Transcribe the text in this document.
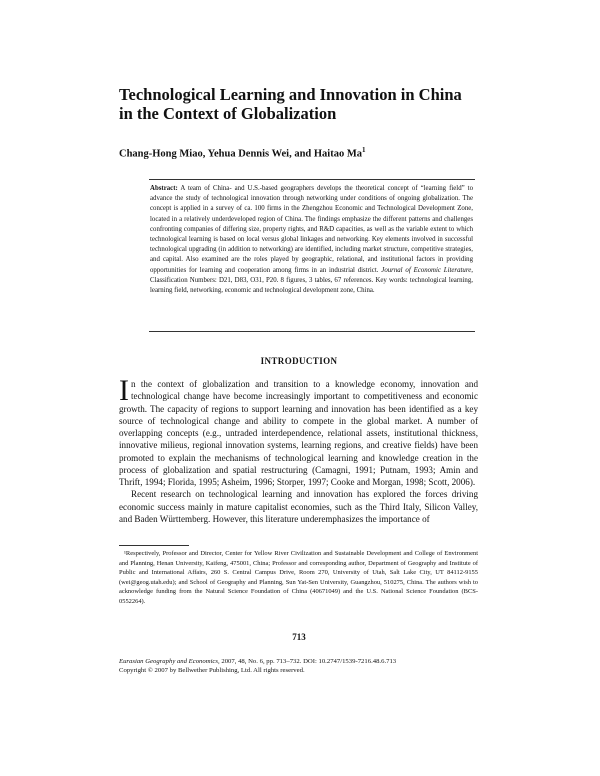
Technological Learning and Innovation in China in the Context of Globalization

Chang-Hong Miao, Yehua Dennis Wei, and Haitao Ma$^1$

Abstract: A team of China- and U.S.-based geographers develops the theoretical concept of “learning field” to advance the study of technological innovation through networking under conditions of ongoing globalization. The concept is applied in a survey of ca. 100 firms in the Zhengzhou Economic and Technological Development Zone, located in a relatively underdeveloped region of China. The findings emphasize the different patterns and challenges confronting companies of differing size, property rights, and R&D capacities, as well as the variable extent to which technological learning is based on local versus global linkages and networking. Key elements involved in successful technological upgrading (in addition to networking) are identified, including market structure, competitive strategies, and capital. Also examined are the roles played by geographic, relational, and institutional factors in providing opportunities for learning and cooperation among firms in an industrial district. Journal of Economic Literature, Classification Numbers: D21, D83, O31, P20. 8 figures, 3 tables, 67 references. Key words: technological learning, learning field, networking, economic and technological development zone, China.

INTRODUCTION

In the context of globalization and transition to a knowledge economy, innovation and technological change have become increasingly important to competitiveness and economic growth. The capacity of regions to support learning and innovation has been identified as a key source of technological change and ability to compete in the global market. A number of overlapping concepts (e.g., untraded interdependence, relational assets, institutional thickness, innovative milieus, regional innovation systems, learning regions, and creative fields) have been promoted to explain the mechanisms of technological learning and knowledge creation in the process of globalization and spatial restructuring (Camagni, 1991; Putnam, 1993; Amin and Thrift, 1994; Florida, 1995; Asheim, 1996; Storper, 1997; Cooke and Morgan, 1998; Scott, 2006).

Recent research on technological learning and innovation has explored the forces driving economic success mainly in mature capitalist economies, such as the Third Italy, Silicon Valley, and Baden Württemberg. However, this literature underemphasizes the importance of

¹Respectively, Professor and Director, Center for Yellow River Civilization and Sustainable Development and College of Environment and Planning, Henan University, Kaifeng, 475001, China; Professor and corresponding author, Department of Geography and Institute of Public and International Affairs, 260 S. Central Campus Drive, Room 270, University of Utah, Salt Lake City, UT 84112-9155 (wei@geog.utah.edu); and School of Geography and Planning, Sun Yat-Sen University, Guangzhou, 510275, China. The authors wish to acknowledge funding from the Natural Science Foundation of China (40671049) and the U.S. National Science Foundation (BCS-0552264).

713

Eurasian Geography and Economics, 2007, 48, No. 6, pp. 713–732. DOI: 10.2747/1539-7216.48.6.713

Copyright © 2007 by Bellwether Publishing, Ltd. All rights reserved.
